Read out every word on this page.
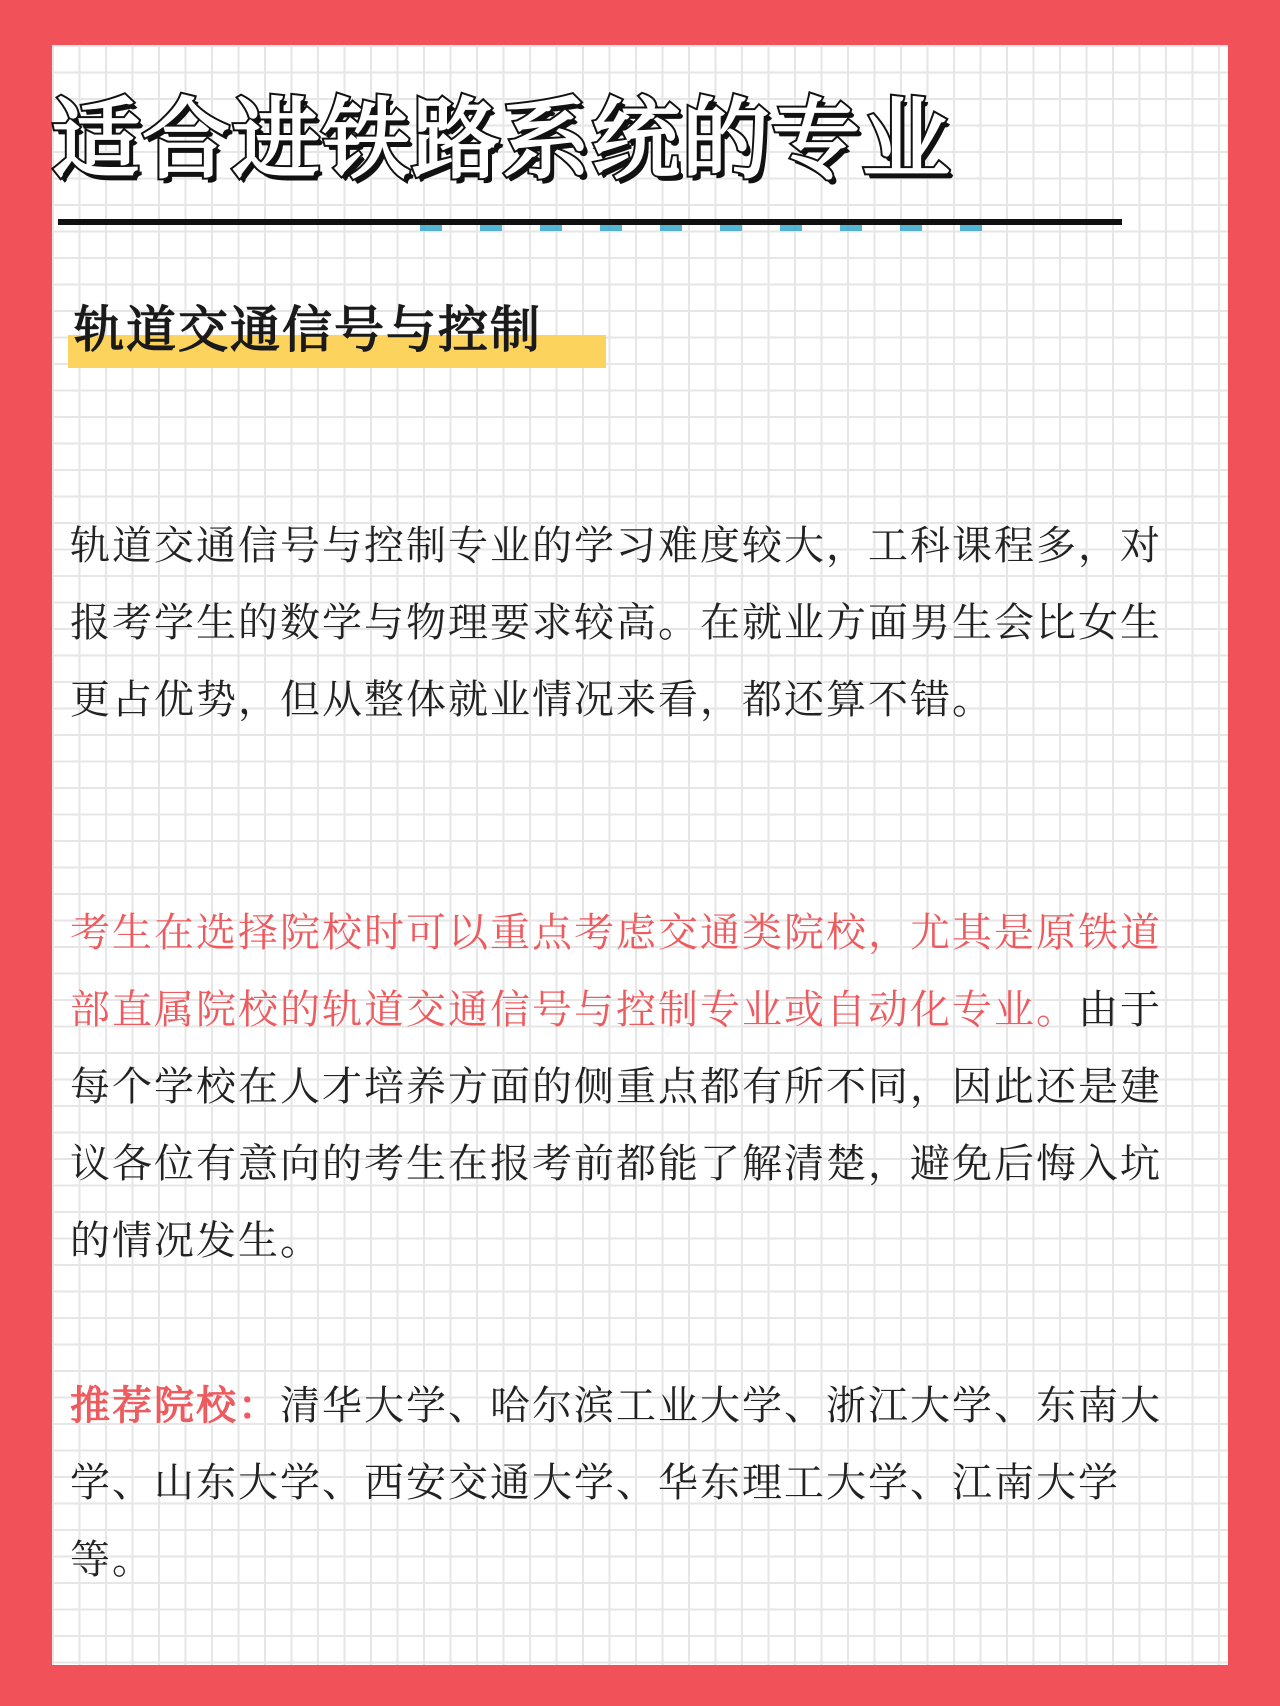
适合进铁路系统的专业
轨道交通信号与控制

轨道交通信号与控制专业的学习难度较大，工科课程多，对报考学生的数学与物理要求较高。在就业方面男生会比女生更占优势，但从整体就业情况来看，都还算不错。

考生在选择院校时可以重点考虑交通类院校，尤其是原铁道部直属院校的轨道交通信号与控制专业或自动化专业。由于每个学校在人才培养方面的侧重点都有所不同，因此还是建议各位有意向的考生在报考前都能了解清楚，避免后悔入坑的情况发生。

推荐院校：清华大学、哈尔滨工业大学、浙江大学、东南大学、山东大学、西安交通大学、华东理工大学、江南大学等。
